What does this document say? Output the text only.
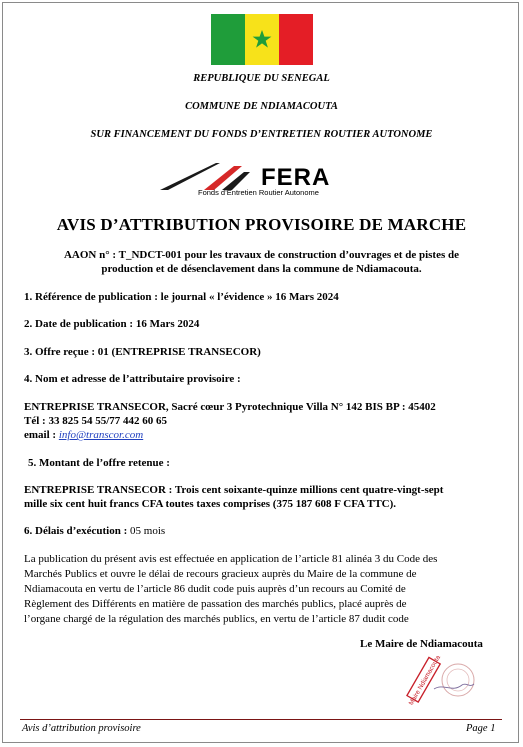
REPUBLIQUE DU SENEGAL
COMMUNE DE NDIAMACOUTA
SUR FINANCEMENT DU FONDS D’ENTRETIEN ROUTIER AUTONOME
FERA
Fonds d’Entretien Routier Autonome
AVIS D’ATTRIBUTION PROVISOIRE DE MARCHE
AAON n° : T_NDCT-001 pour les travaux de construction d’ouvrages et de pistes de
production et de désenclavement dans la commune de Ndiamacouta.
1. Référence de publication : le journal « l’évidence » 16 Mars 2024
2. Date de publication : 16 Mars 2024
3. Offre reçue : 01 (ENTREPRISE TRANSECOR)
4. Nom et adresse de l’attributaire provisoire :
ENTREPRISE TRANSECOR, Sacré cœur 3 Pyrotechnique Villa N° 142 BIS BP : 45402
Tél : 33 825 54 55/77 442 60 65
email : info@transcor.com
5. Montant de l’offre retenue :
ENTREPRISE TRANSECOR : Trois cent soixante-quinze millions cent quatre-vingt-sept
mille six cent huit francs CFA toutes taxes comprises (375 187 608 F CFA TTC).
6. Délais d’exécution : 05 mois
La publication du présent avis est effectuée en application de l’article 81 alinéa 3 du Code des
Marchés Publics et ouvre le délai de recours gracieux auprès du Maire de la commune de
Ndiamacouta en vertu de l’article 86 dudit code puis auprès d’un recours au Comité de
Règlement des Différents en matière de passation des marchés publics, placé auprès de
l’organe chargé de la régulation des marchés publics, en vertu de l’article 87 dudit code
Le Maire de Ndiamacouta
Maire Ndiamacouta
Avis d’attribution provisoire	Page 1
